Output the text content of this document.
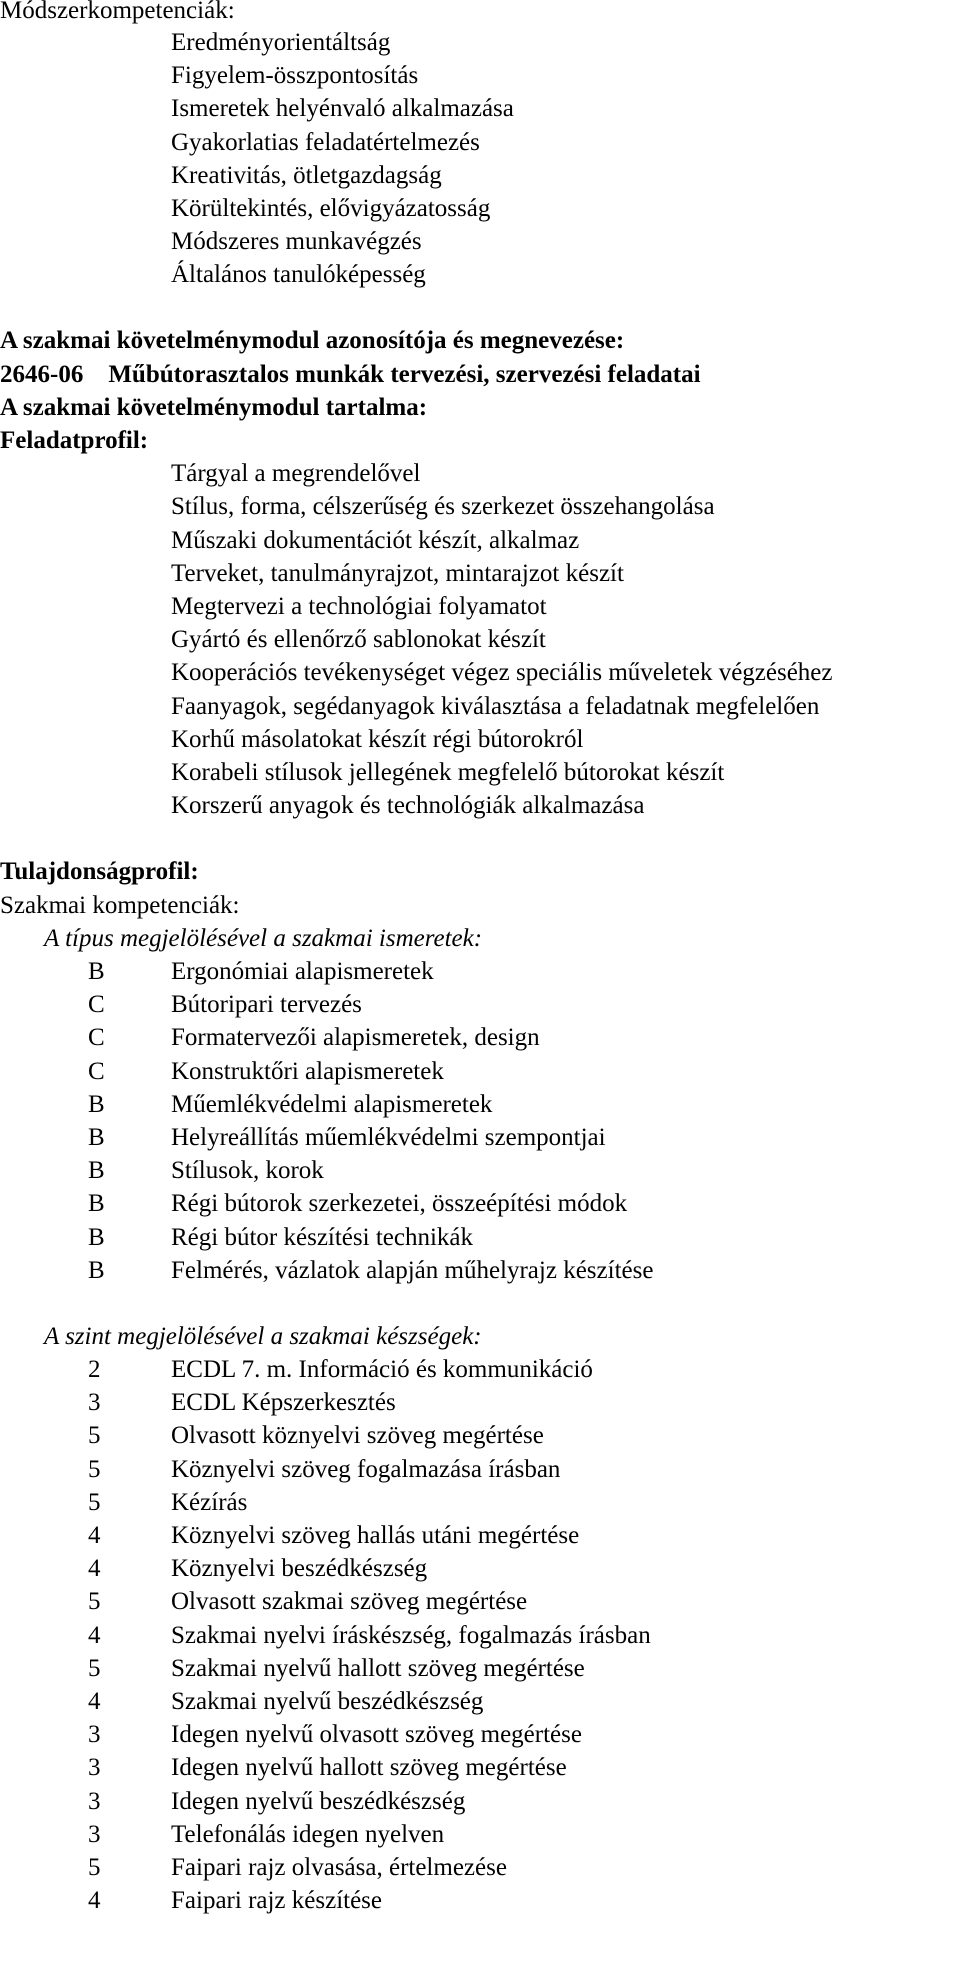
Módszerkompetenciák:
Eredményorientáltság
Figyelem-összpontosítás
Ismeretek helyénvaló alkalmazása
Gyakorlatias feladatértelmezés
Kreativitás, ötletgazdagság
Körültekintés, elővigyázatosság
Módszeres munkavégzés
Általános tanulóképesség
A szakmai követelménymodul azonosítója és megnevezése:
2646-06    Műbútorasztalos munkák tervezési, szervezési feladatai
A szakmai követelménymodul tartalma:
Feladatprofil:
Tárgyal a megrendelővel
Stílus, forma, célszerűség és szerkezet összehangolása
Műszaki dokumentációt készít, alkalmaz
Terveket, tanulmányrajzot, mintarajzot készít
Megtervezi a technológiai folyamatot
Gyártó és ellenőrző sablonokat készít
Kooperációs tevékenységet végez speciális műveletek végzéséhez
Faanyagok, segédanyagok kiválasztása a feladatnak megfelelően
Korhű másolatokat készít régi bútorokról
Korabeli stílusok jellegének megfelelő bútorokat készít
Korszerű anyagok és technológiák alkalmazása
Tulajdonságprofil:
Szakmai kompetenciák:
A típus megjelölésével a szakmai ismeretek:
B	Ergonómiai alapismeretek
C	Bútoripari tervezés
C	Formatervezői alapismeretek, design
C	Konstruktőri alapismeretek
B	Műemlékvédelmi alapismeretek
B	Helyreállítás műemlékvédelmi szempontjai
B	Stílusok, korok
B	Régi bútorok szerkezetei, összeépítési módok
B	Régi bútor készítési technikák
B	Felmérés, vázlatok alapján műhelyrajz készítése
A szint megjelölésével a szakmai készségek:
2	ECDL 7. m. Információ és kommunikáció
3	ECDL Képszerkesztés
5	Olvasott köznyelvi szöveg megértése
5	Köznyelvi szöveg fogalmazása írásban
5	Kézírás
4	Köznyelvi szöveg hallás utáni megértése
4	Köznyelvi beszédkészség
5	Olvasott szakmai szöveg megértése
4	Szakmai nyelvi íráskészség, fogalmazás írásban
5	Szakmai nyelvű hallott szöveg megértése
4	Szakmai nyelvű beszédkészség
3	Idegen nyelvű olvasott szöveg megértése
3	Idegen nyelvű hallott szöveg megértése
3	Idegen nyelvű beszédkészség
3	Telefonálás idegen nyelven
5	Faipari rajz olvasása, értelmezése
4	Faipari rajz készítése
